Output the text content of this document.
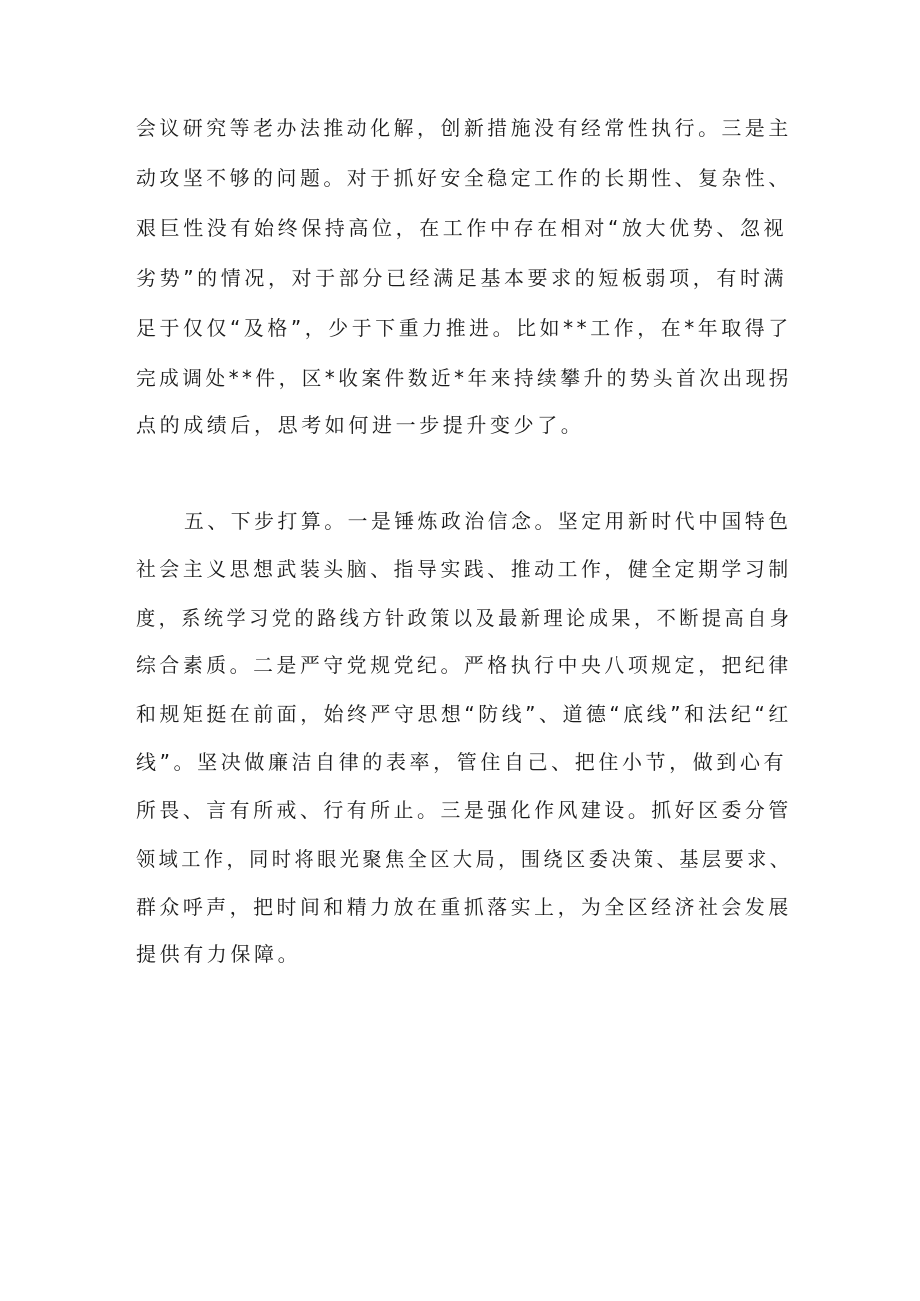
会议研究等老办法推动化解，创新措施没有经常性执行。三是主
动攻坚不够的问题。对于抓好安全稳定工作的长期性、复杂性、
艰巨性没有始终保持高位，在工作中存在相对“放大优势、忽视
劣势”的情况，对于部分已经满足基本要求的短板弱项，有时满
足于仅仅“及格”，少于下重力推进。比如**工作，在*年取得了
完成调处**件，区*收案件数近*年来持续攀升的势头首次出现拐
点的成绩后，思考如何进一步提升变少了。
五、下步打算。一是锤炼政治信念。坚定用新时代中国特色
社会主义思想武装头脑、指导实践、推动工作，健全定期学习制
度，系统学习党的路线方针政策以及最新理论成果，不断提高自身
综合素质。二是严守党规党纪。严格执行中央八项规定，把纪律
和规矩挺在前面，始终严守思想“防线”、道德“底线”和法纪“红
线”。坚决做廉洁自律的表率，管住自己、把住小节，做到心有
所畏、言有所戒、行有所止。三是强化作风建设。抓好区委分管
领域工作，同时将眼光聚焦全区大局，围绕区委决策、基层要求、
群众呼声，把时间和精力放在重抓落实上，为全区经济社会发展
提供有力保障。
